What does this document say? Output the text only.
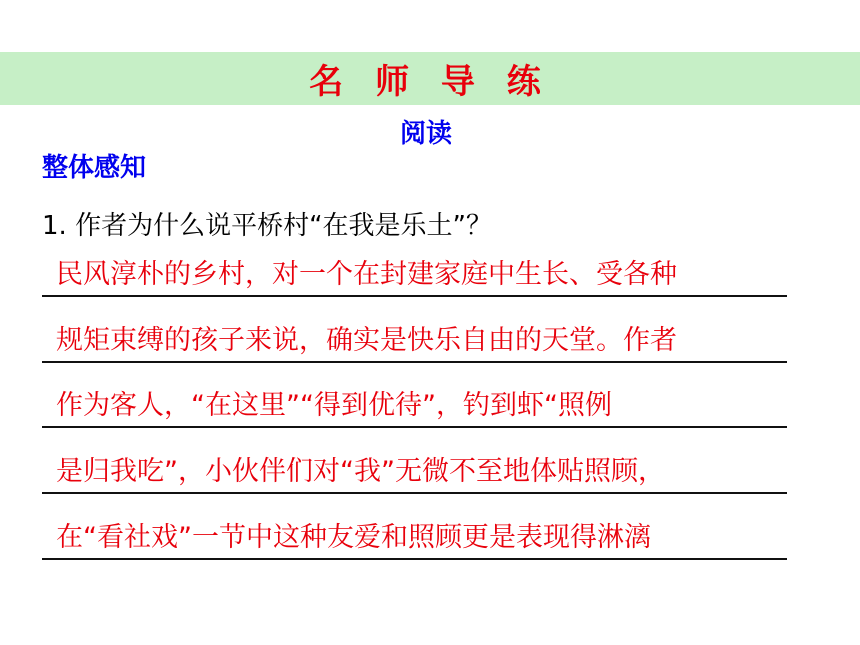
名 师 导 练
阅读
整体感知
1. 作者为什么说平桥村“在我是乐土”？
民风淳朴的乡村，对一个在封建家庭中生长、受各种
规矩束缚的孩子来说，确实是快乐自由的天堂。作者
作为客人，“在这里”“得到优待”，钓到虾“照例
是归我吃”，小伙伴们对“我”无微不至地体贴照顾，
在“看社戏”一节中这种友爱和照顾更是表现得淋漓
